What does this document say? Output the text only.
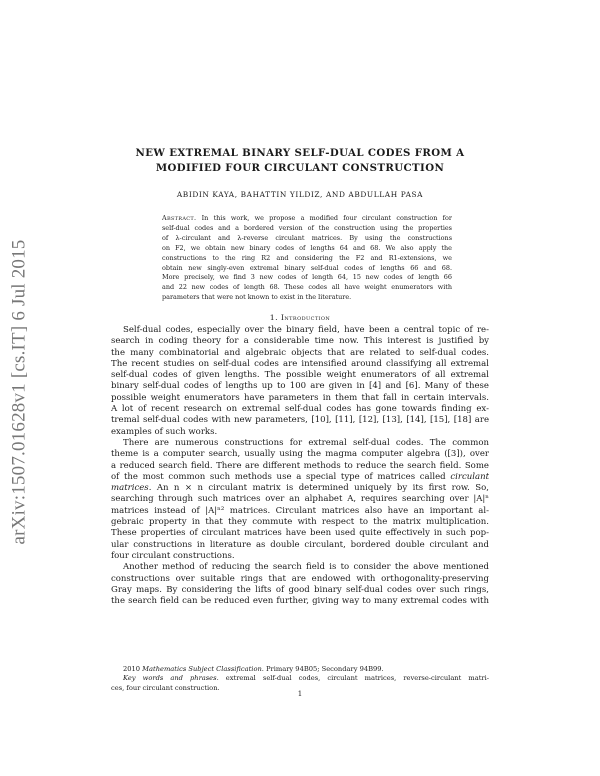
arXiv:1507.01628v1 [cs.IT] 6 Jul 2015
NEW EXTREMAL BINARY SELF-DUAL CODES FROM A
MODIFIED FOUR CIRCULANT CONSTRUCTION
ABIDIN KAYA, BAHATTIN YILDIZ, AND ABDULLAH PASA
Abstract. In this work, we propose a modified four circulant construction for
self-dual codes and a bordered version of the construction using the properties
of λ-circulant and λ-reverse circulant matrices. By using the constructions
on F2, we obtain new binary codes of lengths 64 and 68. We also apply the
constructions to the ring R2 and considering the F2 and R1-extensions, we
obtain new singly-even extremal binary self-dual codes of lengths 66 and 68.
More precisely, we find 3 new codes of length 64, 15 new codes of length 66
and 22 new codes of length 68. These codes all have weight enumerators with
parameters that were not known to exist in the literature.
1. Introduction
Self-dual codes, especially over the binary field, have been a central topic of re-
search in coding theory for a considerable time now. This interest is justified by
the many combinatorial and algebraic objects that are related to self-dual codes.
The recent studies on self-dual codes are intensified around classifying all extremal
self-dual codes of given lengths. The possible weight enumerators of all extremal
binary self-dual codes of lengths up to 100 are given in [4] and [6]. Many of these
possible weight enumerators have parameters in them that fall in certain intervals.
A lot of recent research on extremal self-dual codes has gone towards finding ex-
tremal self-dual codes with new parameters, [10], [11], [12], [13], [14], [15], [18] are
examples of such works.
There are numerous constructions for extremal self-dual codes. The common
theme is a computer search, usually using the magma computer algebra ([3]), over
a reduced search field. There are different methods to reduce the search field. Some
of the most common such methods use a special type of matrices called circulant
matrices. An n × n circulant matrix is determined uniquely by its first row. So,
searching through such matrices over an alphabet A, requires searching over |A|ⁿ
matrices instead of |A|ⁿ² matrices. Circulant matrices also have an important al-
gebraic property in that they commute with respect to the matrix multiplication.
These properties of circulant matrices have been used quite effectively in such pop-
ular constructions in literature as double circulant, bordered double circulant and
four circulant constructions.
Another method of reducing the search field is to consider the above mentioned
constructions over suitable rings that are endowed with orthogonality-preserving
Gray maps. By considering the lifts of good binary self-dual codes over such rings,
the search field can be reduced even further, giving way to many extremal codes with
2010 Mathematics Subject Classification. Primary 94B05; Secondary 94B99.
Key words and phrases. extremal self-dual codes, circulant matrices, reverse-circulant matri-
ces, four circulant construction.
1
